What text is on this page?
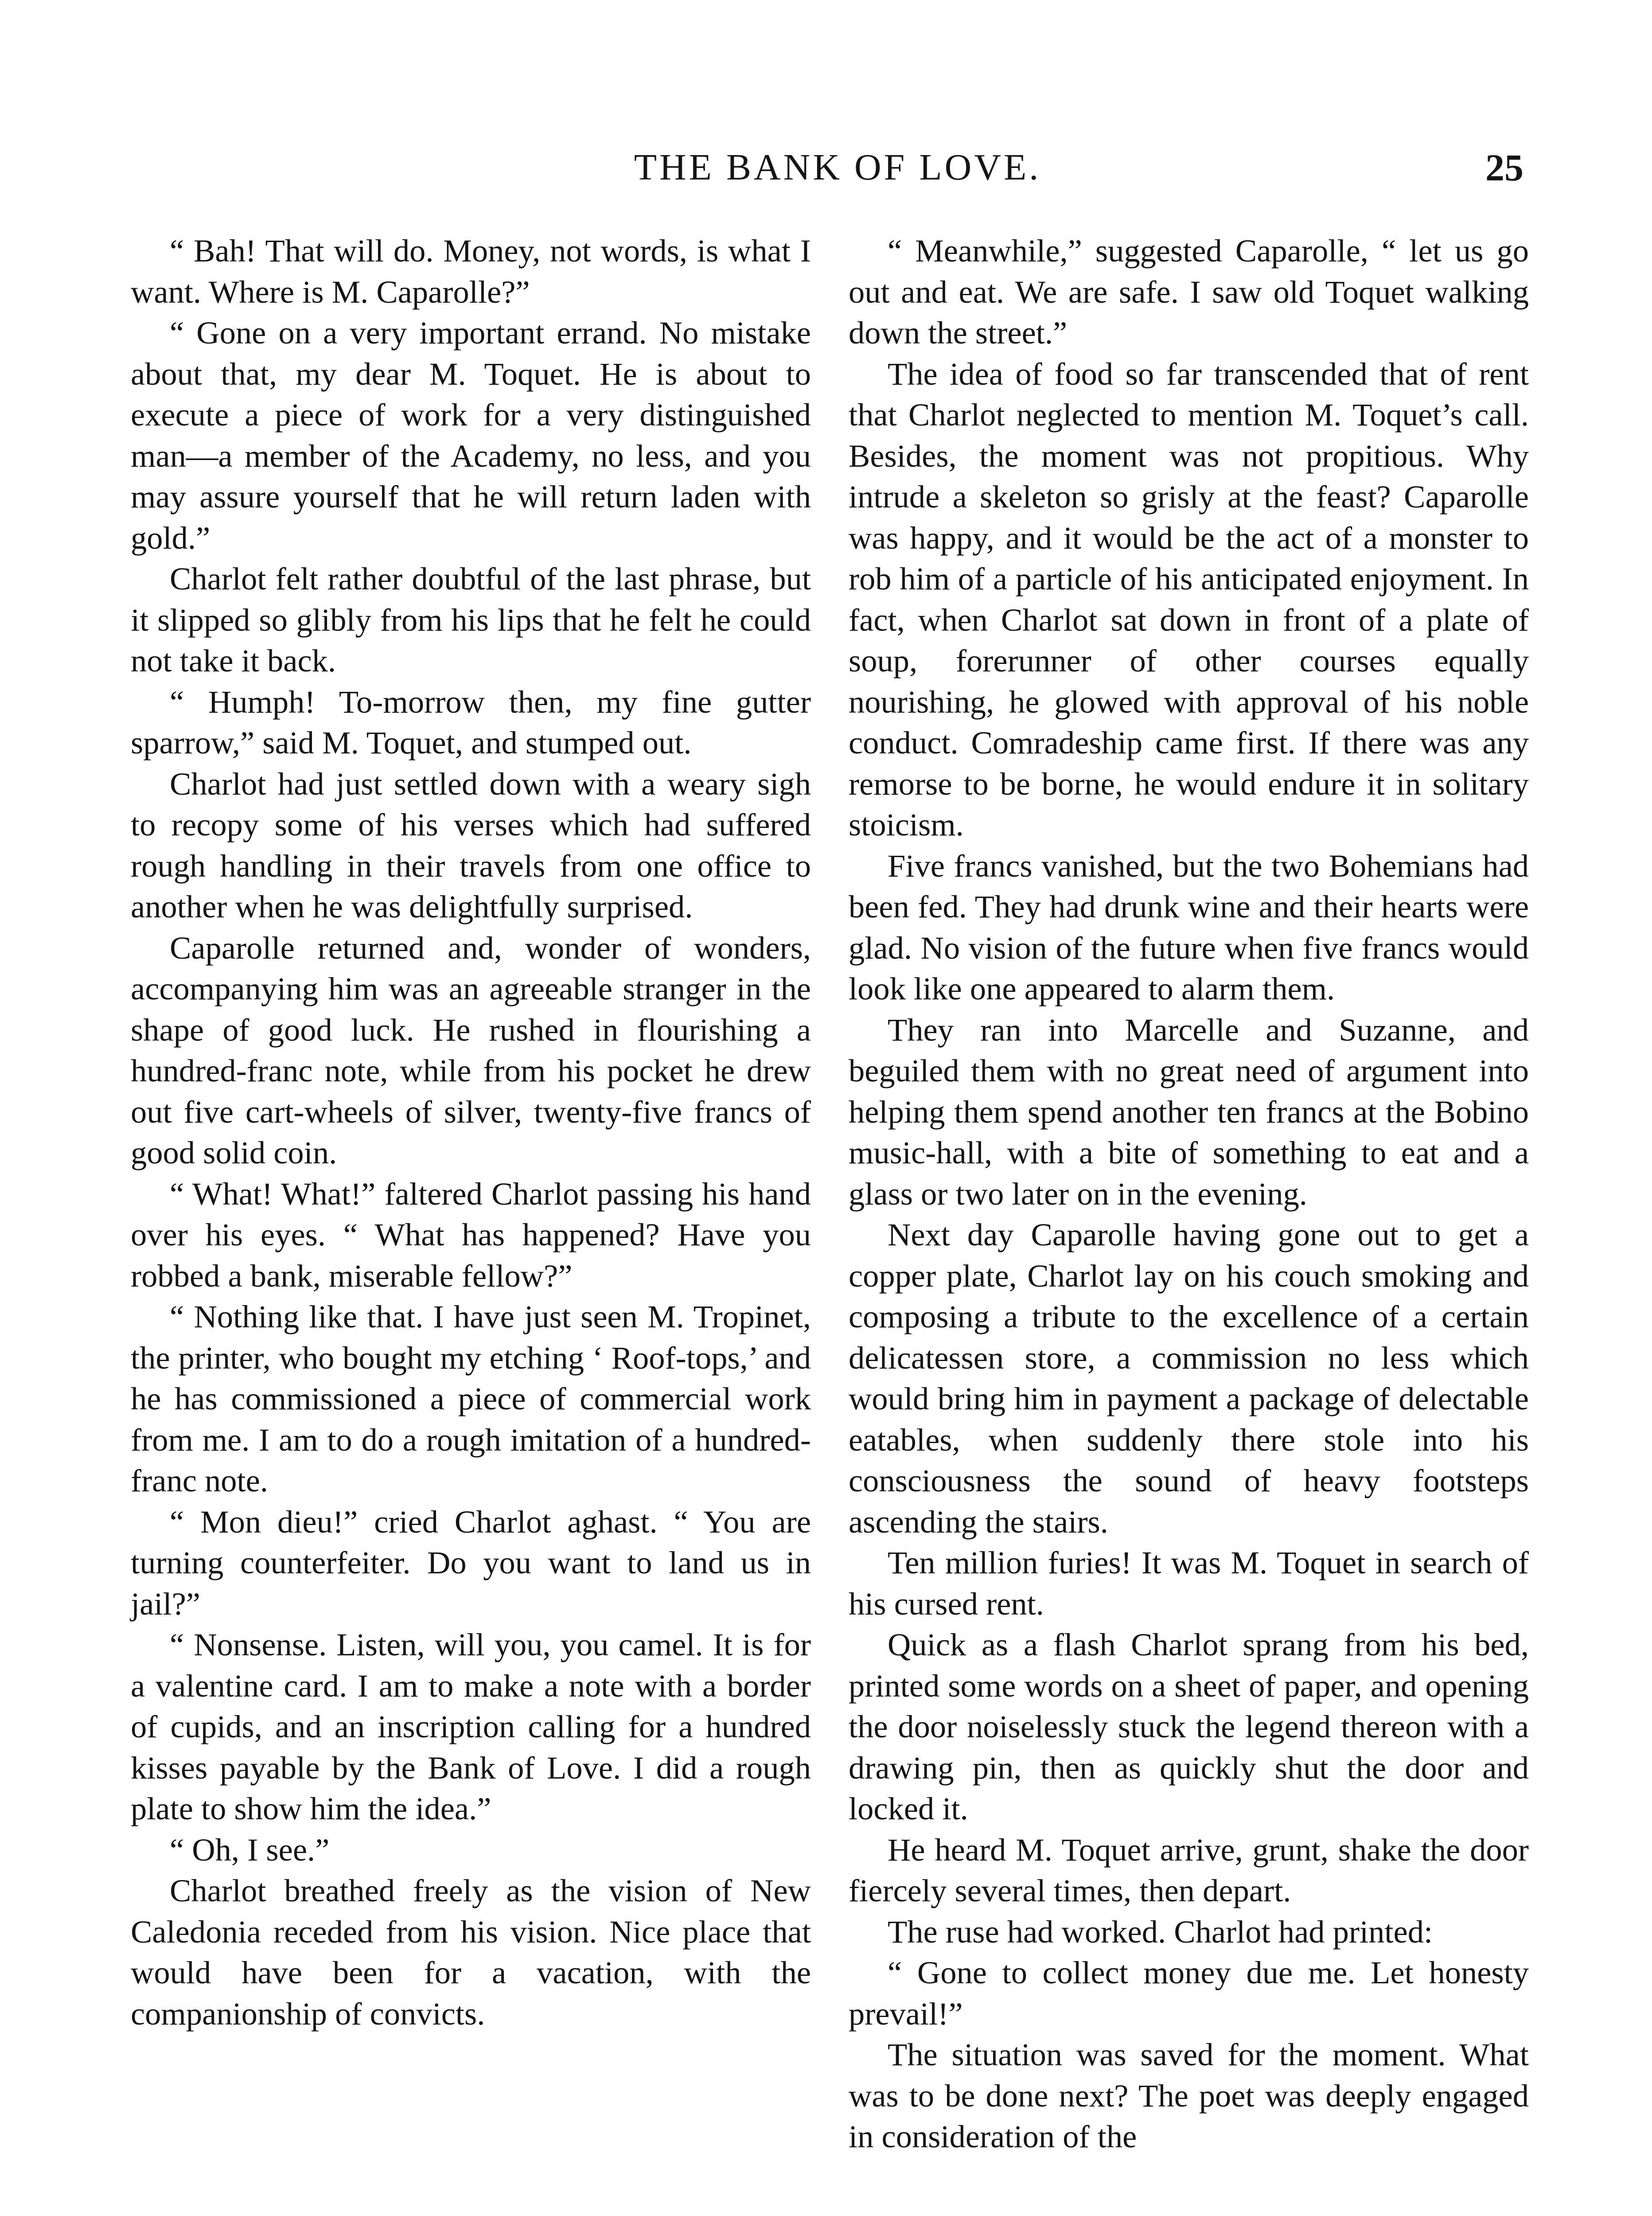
THE BANK OF LOVE.	25

“ Bah! That will do. Money, not words, is what I want. Where is M. Caparolle?”

“ Gone on a very important errand. No mistake about that, my dear M. Toquet. He is about to execute a piece of work for a very distinguished man—a member of the Academy, no less, and you may assure yourself that he will return laden with gold.”

Charlot felt rather doubtful of the last phrase, but it slipped so glibly from his lips that he felt he could not take it back.

“ Humph! To-morrow then, my fine gutter sparrow,” said M. Toquet, and stumped out.

Charlot had just settled down with a weary sigh to recopy some of his verses which had suffered rough handling in their travels from one office to another when he was delightfully surprised.

Caparolle returned and, wonder of wonders, accompanying him was an agreeable stranger in the shape of good luck. He rushed in flourishing a hundred-franc note, while from his pocket he drew out five cart-wheels of silver, twenty-five francs of good solid coin.

“ What! What!” faltered Charlot passing his hand over his eyes. “ What has happened? Have you robbed a bank, miserable fellow?”

“ Nothing like that. I have just seen M. Tropinet, the printer, who bought my etching ‘ Roof-tops,’ and he has commissioned a piece of commercial work from me. I am to do a rough imitation of a hundred-franc note.

“ Mon dieu!” cried Charlot aghast. “ You are turning counterfeiter. Do you want to land us in jail?”

“ Nonsense. Listen, will you, you camel. It is for a valentine card. I am to make a note with a border of cupids, and an inscription calling for a hundred kisses payable by the Bank of Love. I did a rough plate to show him the idea.”

“ Oh, I see.”

Charlot breathed freely as the vision of New Caledonia receded from his vision. Nice place that would have been for a vacation, with the companionship of convicts.

“ Meanwhile,” suggested Caparolle, “ let us go out and eat. We are safe. I saw old Toquet walking down the street.”

The idea of food so far transcended that of rent that Charlot neglected to mention M. Toquet’s call. Besides, the moment was not propitious. Why intrude a skeleton so grisly at the feast? Caparolle was happy, and it would be the act of a monster to rob him of a particle of his anticipated enjoyment. In fact, when Charlot sat down in front of a plate of soup, forerunner of other courses equally nourishing, he glowed with approval of his noble conduct. Comradeship came first. If there was any remorse to be borne, he would endure it in solitary stoicism.

Five francs vanished, but the two Bohemians had been fed. They had drunk wine and their hearts were glad. No vision of the future when five francs would look like one appeared to alarm them.

They ran into Marcelle and Suzanne, and beguiled them with no great need of argument into helping them spend another ten francs at the Bobino music-hall, with a bite of something to eat and a glass or two later on in the evening.

Next day Caparolle having gone out to get a copper plate, Charlot lay on his couch smoking and composing a tribute to the excellence of a certain delicatessen store, a commission no less which would bring him in payment a package of delectable eatables, when suddenly there stole into his consciousness the sound of heavy footsteps ascending the stairs.

Ten million furies! It was M. Toquet in search of his cursed rent.

Quick as a flash Charlot sprang from his bed, printed some words on a sheet of paper, and opening the door noiselessly stuck the legend thereon with a drawing pin, then as quickly shut the door and locked it.

He heard M. Toquet arrive, grunt, shake the door fiercely several times, then depart.

The ruse had worked. Charlot had printed:

“ Gone to collect money due me. Let honesty prevail!”

The situation was saved for the moment. What was to be done next? The poet was deeply engaged in consideration of the
